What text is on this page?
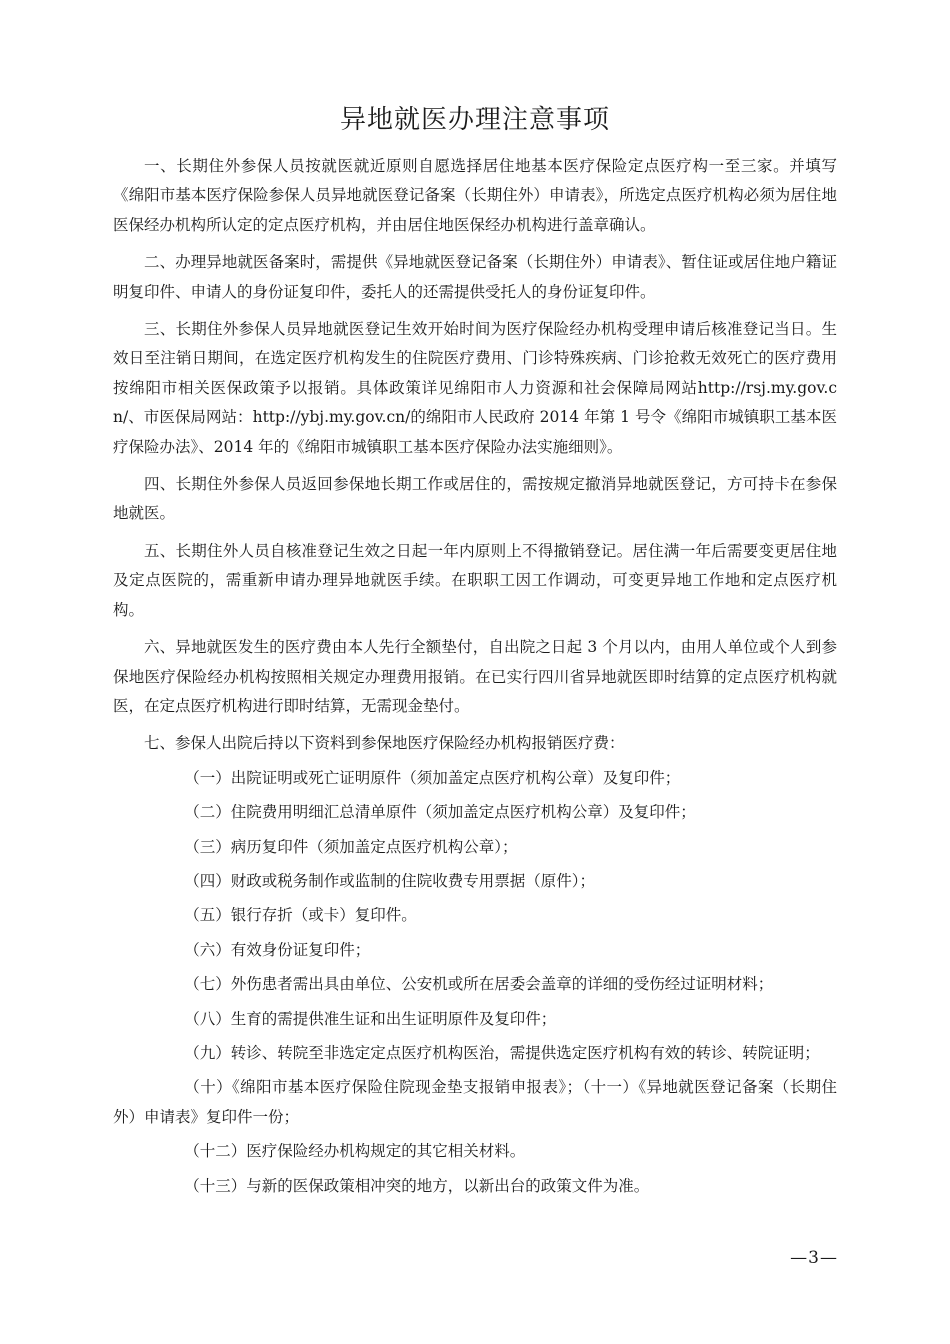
异地就医办理注意事项

一、长期住外参保人员按就医就近原则自愿选择居住地基本医疗保险定点医疗构一至三家。并填写《绵阳市基本医疗保险参保人员异地就医登记备案（长期住外）申请表》，所选定点医疗机构必须为居住地医保经办机构所认定的定点医疗机构，并由居住地医保经办机构进行盖章确认。

二、办理异地就医备案时，需提供《异地就医登记备案（长期住外）申请表》、暂住证或居住地户籍证明复印件、申请人的身份证复印件，委托人的还需提供受托人的身份证复印件。

三、长期住外参保人员异地就医登记生效开始时间为医疗保险经办机构受理申请后核准登记当日。生效日至注销日期间，在选定医疗机构发生的住院医疗费用、门诊特殊疾病、门诊抢救无效死亡的医疗费用按绵阳市相关医保政策予以报销。具体政策详见绵阳市人力资源和社会保障局网站http://rsj.my.gov.cn/、市医保局网站：http://ybj.my.gov.cn/的绵阳市人民政府 2014 年第 1 号令《绵阳市城镇职工基本医疗保险办法》、2014 年的《绵阳市城镇职工基本医疗保险办法实施细则》。

四、长期住外参保人员返回参保地长期工作或居住的，需按规定撤消异地就医登记，方可持卡在参保地就医。

五、长期住外人员自核准登记生效之日起一年内原则上不得撤销登记。居住满一年后需要变更居住地及定点医院的，需重新申请办理异地就医手续。在职职工因工作调动，可变更异地工作地和定点医疗机构。

六、异地就医发生的医疗费由本人先行全额垫付，自出院之日起 3 个月以内，由用人单位或个人到参保地医疗保险经办机构按照相关规定办理费用报销。在已实行四川省异地就医即时结算的定点医疗机构就医，在定点医疗机构进行即时结算，无需现金垫付。

七、参保人出院后持以下资料到参保地医疗保险经办机构报销医疗费：

（一）出院证明或死亡证明原件（须加盖定点医疗机构公章）及复印件；

（二）住院费用明细汇总清单原件（须加盖定点医疗机构公章）及复印件；

（三）病历复印件（须加盖定点医疗机构公章）；

（四）财政或税务制作或监制的住院收费专用票据（原件）；

（五）银行存折（或卡）复印件。

（六）有效身份证复印件；

（七）外伤患者需出具由单位、公安机或所在居委会盖章的详细的受伤经过证明材料；

（八）生育的需提供准生证和出生证明原件及复印件；

（九）转诊、转院至非选定定点医疗机构医治，需提供选定医疗机构有效的转诊、转院证明；

（十）《绵阳市基本医疗保险住院现金垫支报销申报表》；（十一）《异地就医登记备案（长期住外）申请表》复印件一份；

（十二）医疗保险经办机构规定的其它相关材料。

（十三）与新的医保政策相冲突的地方，以新出台的政策文件为准。

—3—
